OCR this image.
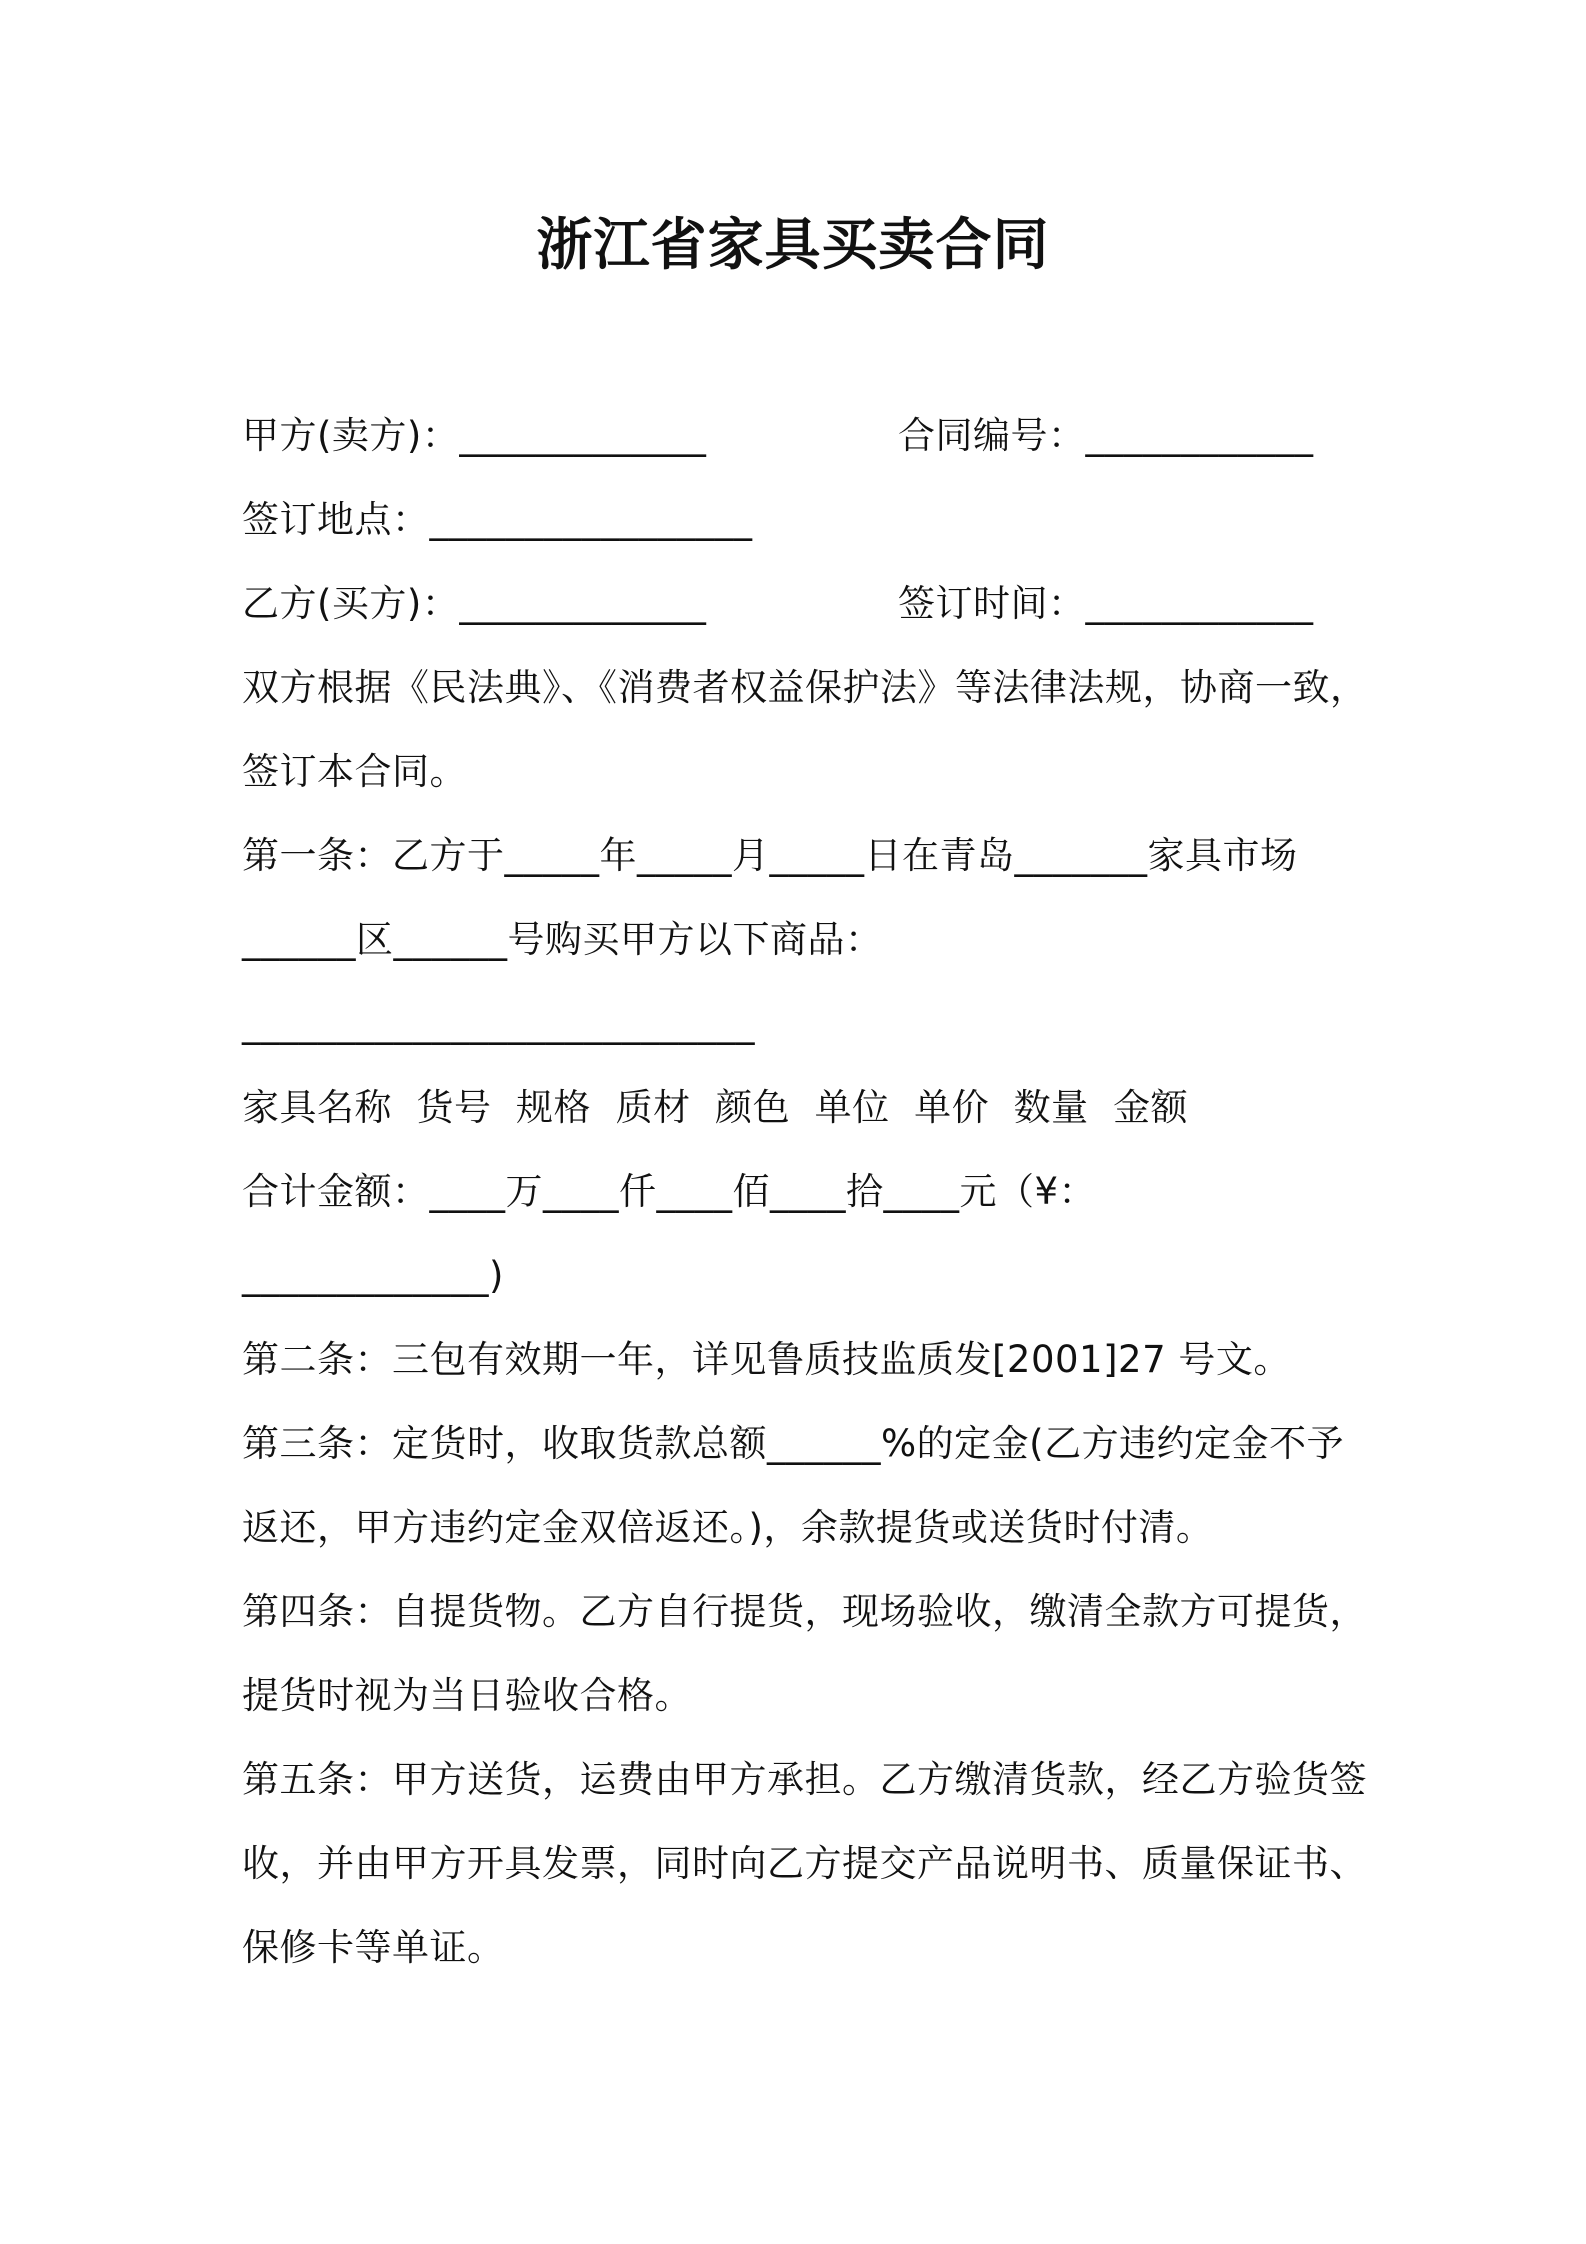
浙江省家具买卖合同
甲方(卖方)：_____________	合同编号：____________
签订地点：_________________
乙方(买方)：_____________	签订时间：____________
双方根据《民法典》、《消费者权益保护法》等法律法规，协商一致，
签订本合同。
第一条：乙方于_____年_____月_____日在青岛_______家具市场
______区______号购买甲方以下商品：
___________________________
家具名称  货号  规格  质材  颜色  单位  单价  数量  金额
合计金额：____万____仟____佰____拾____元（¥：
_____________)
第二条：三包有效期一年，详见鲁质技监质发[2001]27 号文。
第三条：定货时，收取货款总额______%的定金(乙方违约定金不予
返还，甲方违约定金双倍返还。)，余款提货或送货时付清。
第四条：自提货物。乙方自行提货，现场验收，缴清全款方可提货，
提货时视为当日验收合格。
第五条：甲方送货，运费由甲方承担。乙方缴清货款，经乙方验货签
收，并由甲方开具发票，同时向乙方提交产品说明书、质量保证书、
保修卡等单证。
